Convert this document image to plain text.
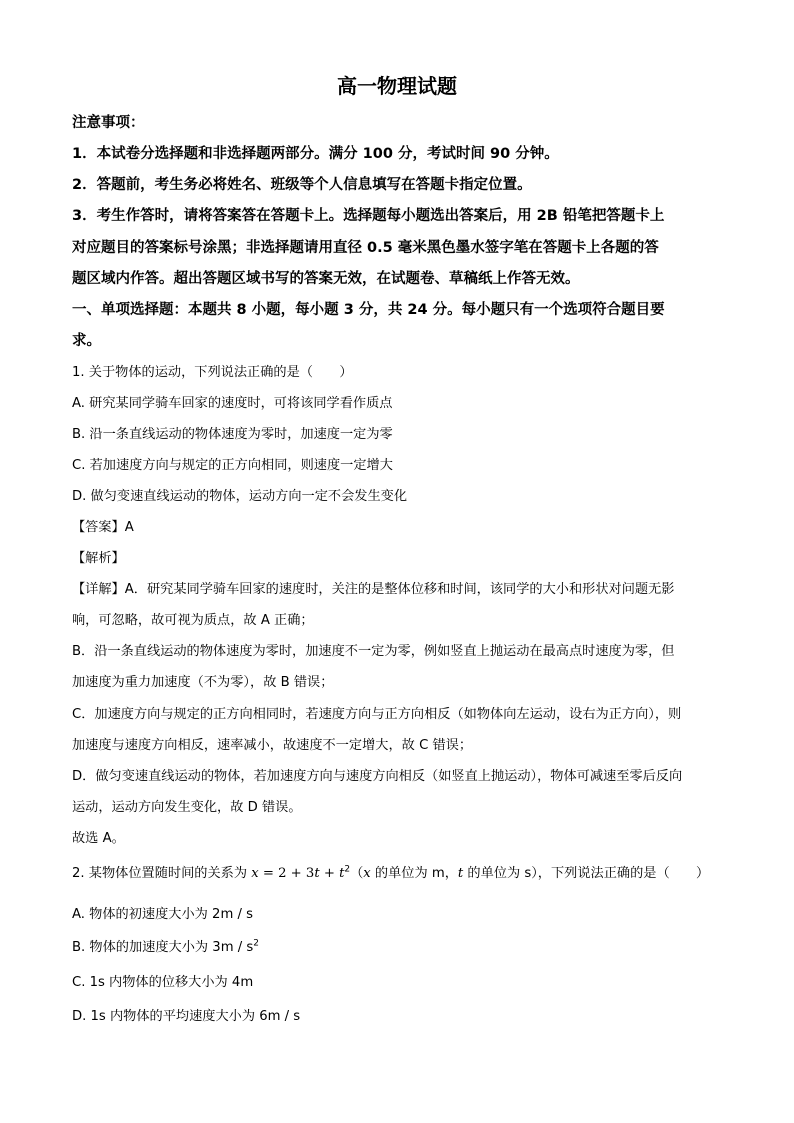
高一物理试题
注意事项：
1．本试卷分选择题和非选择题两部分。满分 100 分，考试时间 90 分钟。
2．答题前，考生务必将姓名、班级等个人信息填写在答题卡指定位置。
3．考生作答时，请将答案答在答题卡上。选择题每小题选出答案后，用 2B 铅笔把答题卡上
对应题目的答案标号涂黑；非选择题请用直径 0.5 毫米黑色墨水签字笔在答题卡上各题的答
题区域内作答。超出答题区域书写的答案无效，在试题卷、草稿纸上作答无效。
一、单项选择题：本题共 8 小题，每小题 3 分，共 24 分。每小题只有一个选项符合题目要
求。
1. 关于物体的运动，下列说法正确的是（　　）
A. 研究某同学骑车回家的速度时，可将该同学看作质点
B. 沿一条直线运动的物体速度为零时，加速度一定为零
C. 若加速度方向与规定的正方向相同，则速度一定增大
D. 做匀变速直线运动的物体，运动方向一定不会发生变化
【答案】A
【解析】
【详解】A．研究某同学骑车回家的速度时，关注的是整体位移和时间，该同学的大小和形状对问题无影
响，可忽略，故可视为质点，故 A 正确；
B．沿一条直线运动的物体速度为零时，加速度不一定为零，例如竖直上抛运动在最高点时速度为零，但
加速度为重力加速度（不为零），故 B 错误；
C．加速度方向与规定的正方向相同时，若速度方向与正方向相反（如物体向左运动，设右为正方向），则
加速度与速度方向相反，速率减小，故速度不一定增大，故 C 错误；
D．做匀变速直线运动的物体，若加速度方向与速度方向相反（如竖直上抛运动），物体可减速至零后反向
运动，运动方向发生变化，故 D 错误。
故选 A。
2. 某物体位置随时间的关系为 $x = 2 + 3t + t^2(x$ 的单位为 m，t 的单位为 s），下列说法正确的是（　　）
A. 物体的初速度大小为 2m / s
B. 物体的加速度大小为 $3m / s^2$
C. 1s 内物体的位移大小为 4m
D. 1s 内物体的平均速度大小为 6m / s
